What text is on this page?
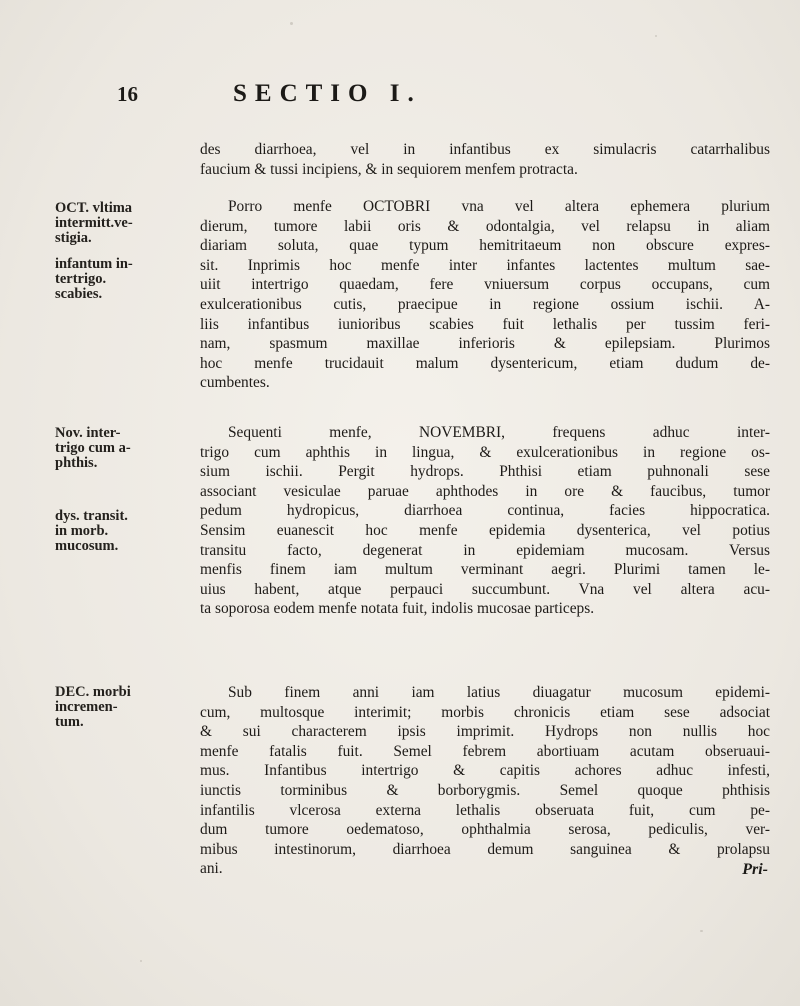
16	SECTIO I.
des diarrhoea, vel in infantibus ex simulacris catarrhalibus
faucium & tussi incipiens, & in sequiorem menfem protracta.
OCT. vltima
intermitt.ve-
stigia.
infantum in-
tertrigo.
scabies.
Porro menfe OCTOBRI vna vel altera ephemera plurium
dierum, tumore labii oris & odontalgia, vel relapsu in aliam
diariam soluta, quae typum hemitritaeum non obscure expres-
sit. Inprimis hoc menfe inter infantes lactentes multum sae-
uiit intertrigo quaedam, fere vniuersum corpus occupans, cum
exulcerationibus cutis, praecipue in regione ossium ischii. A-
liis infantibus iunioribus scabies fuit lethalis per tussim feri-
nam, spasmum maxillae inferioris & epilepsiam. Plurimos
hoc menfe trucidauit malum dysentericum, etiam dudum de-
cumbentes.
Nov. inter-
trigo cum a-
phthis.
dys. transit.
in morb.
mucosum.
Sequenti menfe, NOVEMBRI, frequens adhuc inter-
trigo cum aphthis in lingua, & exulcerationibus in regione os-
sium ischii. Pergit hydrops. Phthisi etiam puhnonali sese
associant vesiculae paruae aphthodes in ore & faucibus, tumor
pedum hydropicus, diarrhoea continua, facies hippocratica.
Sensim euanescit hoc menfe epidemia dysenterica, vel potius
transitu facto, degenerat in epidemiam mucosam. Versus
menfis finem iam multum verminant aegri. Plurimi tamen le-
uius habent, atque perpauci succumbunt. Vna vel altera acu-
ta soporosa eodem menfe notata fuit, indolis mucosae particeps.
DEC. morbi
incremen-
tum.
Sub finem anni iam latius diuagatur mucosum epidemi-
cum, multosque interimit; morbis chronicis etiam sese adsociat
& sui characterem ipsis imprimit. Hydrops non nullis hoc
menfe fatalis fuit. Semel febrem abortiuam acutam obseruaui-
mus. Infantibus intertrigo & capitis achores adhuc infesti,
iunctis torminibus & borborygmis. Semel quoque phthisis
infantilis vlcerosa externa lethalis obseruata fuit, cum pe-
dum tumore oedematoso, ophthalmia serosa, pediculis, ver-
mibus intestinorum, diarrhoea demum sanguinea & prolapsu
ani.	Pri-
